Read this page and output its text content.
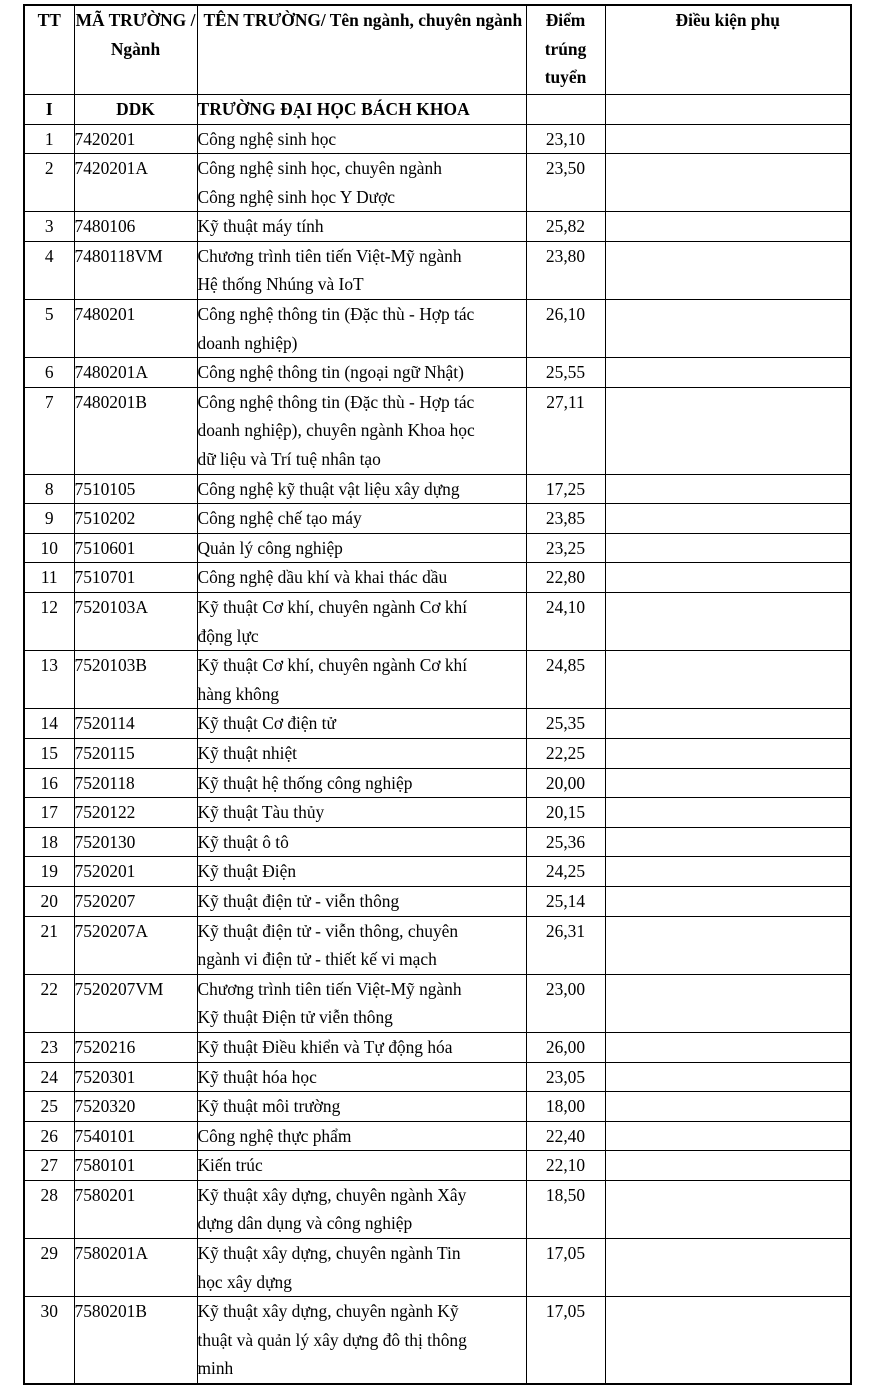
TT	MÃ TRƯỜNG / Ngành	TÊN TRƯỜNG/ Tên ngành, chuyên ngành	Điểm trúng tuyển	Điều kiện phụ
I	DDK	TRƯỜNG ĐẠI HỌC BÁCH KHOA		
1	7420201	Công nghệ sinh học	23,10	
2	7420201A	Công nghệ sinh học, chuyên ngành
Công nghệ sinh học Y Dược	23,50	
3	7480106	Kỹ thuật máy tính	25,82	
4	7480118VM	Chương trình tiên tiến Việt-Mỹ ngành
Hệ thống Nhúng và IoT	23,80	
5	7480201	Công nghệ thông tin (Đặc thù - Hợp tác
doanh nghiệp)	26,10	
6	7480201A	Công nghệ thông tin (ngoại ngữ Nhật)	25,55	
7	7480201B	Công nghệ thông tin (Đặc thù - Hợp tác
doanh nghiệp), chuyên ngành Khoa học
dữ liệu và Trí tuệ nhân tạo	27,11	
8	7510105	Công nghệ kỹ thuật vật liệu xây dựng	17,25	
9	7510202	Công nghệ chế tạo máy	23,85	
10	7510601	Quản lý công nghiệp	23,25	
11	7510701	Công nghệ dầu khí và khai thác dầu	22,80	
12	7520103A	Kỹ thuật Cơ khí, chuyên ngành Cơ khí
động lực	24,10	
13	7520103B	Kỹ thuật Cơ khí, chuyên ngành Cơ khí
hàng không	24,85	
14	7520114	Kỹ thuật Cơ điện tử	25,35	
15	7520115	Kỹ thuật nhiệt	22,25	
16	7520118	Kỹ thuật hệ thống công nghiệp	20,00	
17	7520122	Kỹ thuật Tàu thủy	20,15	
18	7520130	Kỹ thuật ô tô	25,36	
19	7520201	Kỹ thuật Điện	24,25	
20	7520207	Kỹ thuật điện tử - viễn thông	25,14	
21	7520207A	Kỹ thuật điện tử - viễn thông, chuyên
ngành vi điện tử - thiết kế vi mạch	26,31	
22	7520207VM	Chương trình tiên tiến Việt-Mỹ ngành
Kỹ thuật Điện tử viễn thông	23,00	
23	7520216	Kỹ thuật Điều khiển và Tự động hóa	26,00	
24	7520301	Kỹ thuật hóa học	23,05	
25	7520320	Kỹ thuật môi trường	18,00	
26	7540101	Công nghệ thực phẩm	22,40	
27	7580101	Kiến trúc	22,10	
28	7580201	Kỹ thuật xây dựng, chuyên ngành Xây
dựng dân dụng và công nghiệp	18,50	
29	7580201A	Kỹ thuật xây dựng, chuyên ngành Tin
học xây dựng	17,05	
30	7580201B	Kỹ thuật xây dựng, chuyên ngành Kỹ
thuật và quản lý xây dựng đô thị thông
minh	17,05	
